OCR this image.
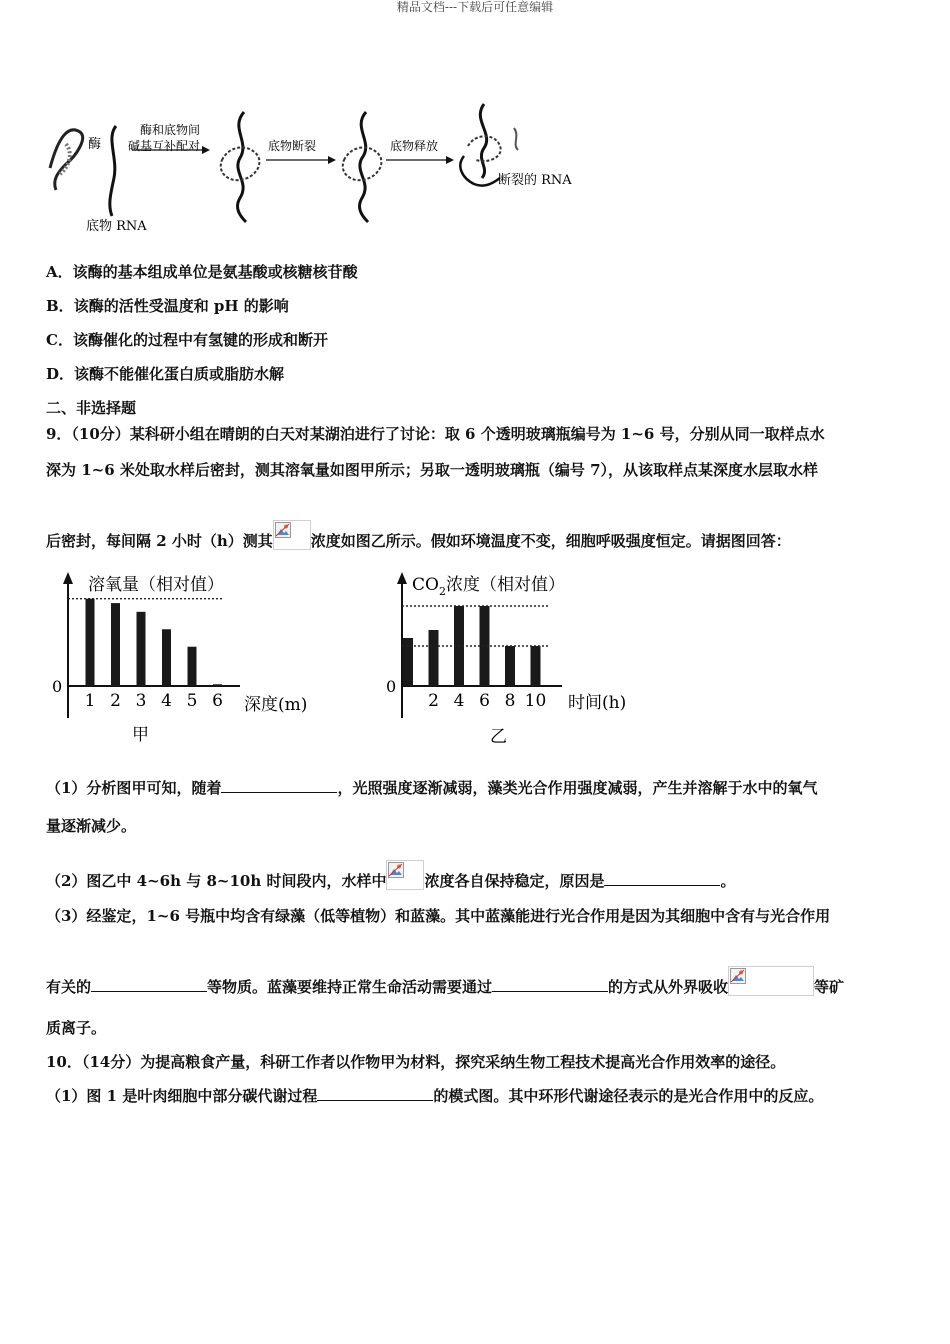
精品文档---下载后可任意编辑
酶
底物 RNA
酶和底物间
碱基互补配对	底物断裂	底物释放
断裂的 RNA
A．该酶的基本组成单位是氨基酸或核糖核苷酸
B．该酶的活性受温度和 pH 的影响
C．该酶催化的过程中有氢键的形成和断开
D．该酶不能催化蛋白质或脂肪水解
二、非选择题
9．（10分）某科研小组在晴朗的白天对某湖泊进行了讨论：取 6 个透明玻璃瓶编号为 1~6 号，分别从同一取样点水
深为 1~6 米处取水样后密封，测其溶氧量如图甲所示；另取一透明玻璃瓶（编号 7），从该取样点某深度水层取水样
后密封，每间隔 2 小时（h）测其	浓度如图乙所示。假如环境温度不变，细胞呼吸强度恒定。请据图回答：
溶氧量（相对值）
0
深度(m)
甲
1 2 3 4 5 6
$CO_2$浓度（相对值）
0
时间(h)
乙
2 4 6 8 10
（1）分析图甲可知，随着	，光照强度逐渐减弱，藻类光合作用强度减弱，产生并溶解于水中的氧气
量逐渐减少。
（2）图乙中 4~6h 与 8~10h 时间段内，水样中	浓度各自保持稳定，原因是	。
（3）经鉴定，1~6 号瓶中均含有绿藻（低等植物）和蓝藻。其中蓝藻能进行光合作用是因为其细胞中含有与光合作用
有关的	等物质。蓝藻要维持正常生命活动需要通过	的方式从外界吸收	等矿
质离子。
10．（14分）为提高粮食产量，科研工作者以作物甲为材料，探究采纳生物工程技术提高光合作用效率的途径。
（1）图 1 是叶肉细胞中部分碳代谢过程	的模式图。其中环形代谢途径表示的是光合作用中的反应。
